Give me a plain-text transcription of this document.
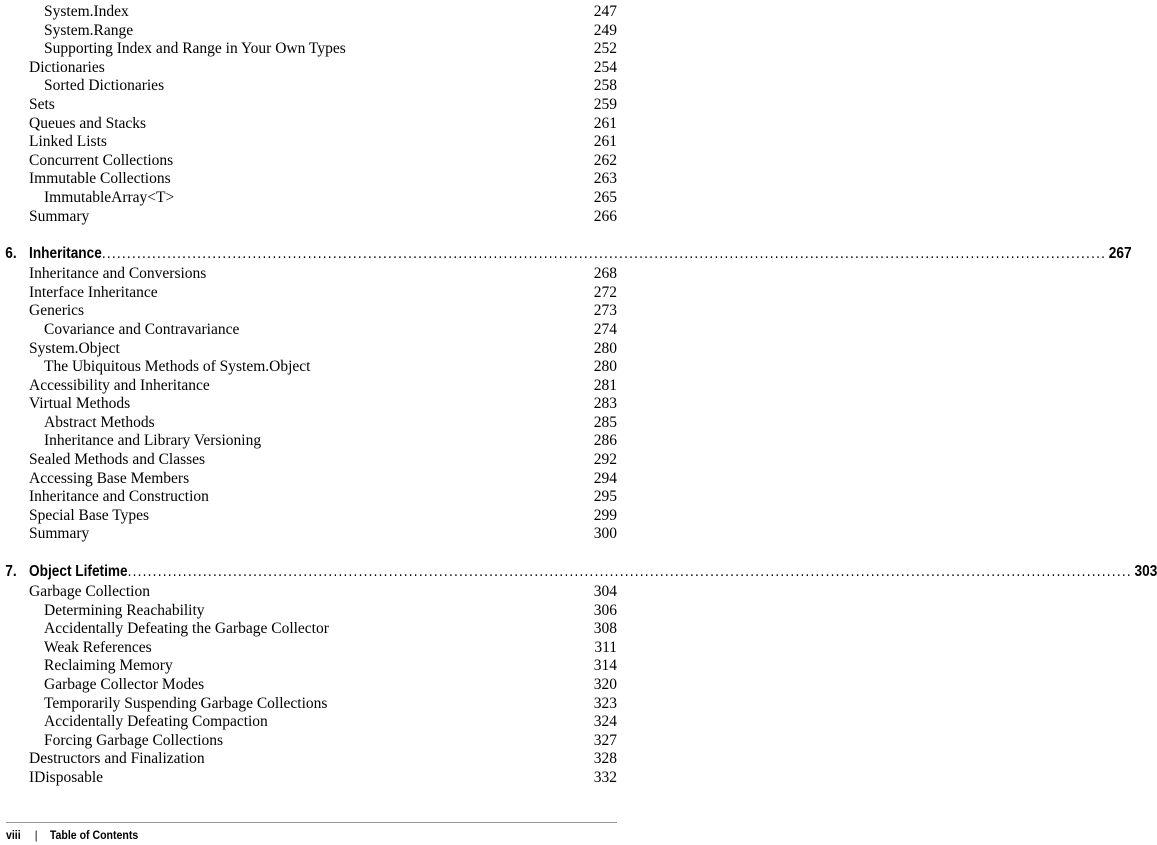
System.Index	247
System.Range	249
Supporting Index and Range in Your Own Types	252
Dictionaries	254
Sorted Dictionaries	258
Sets	259
Queues and Stacks	261
Linked Lists	261
Concurrent Collections	262
Immutable Collections	263
ImmutableArray<T>	265
Summary	266
6. Inheritance ........................................................................................................................................................................................................ 267
Inheritance and Conversions	268
Interface Inheritance	272
Generics	273
Covariance and Contravariance	274
System.Object	280
The Ubiquitous Methods of System.Object	280
Accessibility and Inheritance	281
Virtual Methods	283
Abstract Methods	285
Inheritance and Library Versioning	286
Sealed Methods and Classes	292
Accessing Base Members	294
Inheritance and Construction	295
Special Base Types	299
Summary	300
7. Object Lifetime ........................................................................................................................................................................................................ 303
Garbage Collection	304
Determining Reachability	306
Accidentally Defeating the Garbage Collector	308
Weak References	311
Reclaiming Memory	314
Garbage Collector Modes	320
Temporarily Suspending Garbage Collections	323
Accidentally Defeating Compaction	324
Forcing Garbage Collections	327
Destructors and Finalization	328
IDisposable	332
viii | Table of Contents
